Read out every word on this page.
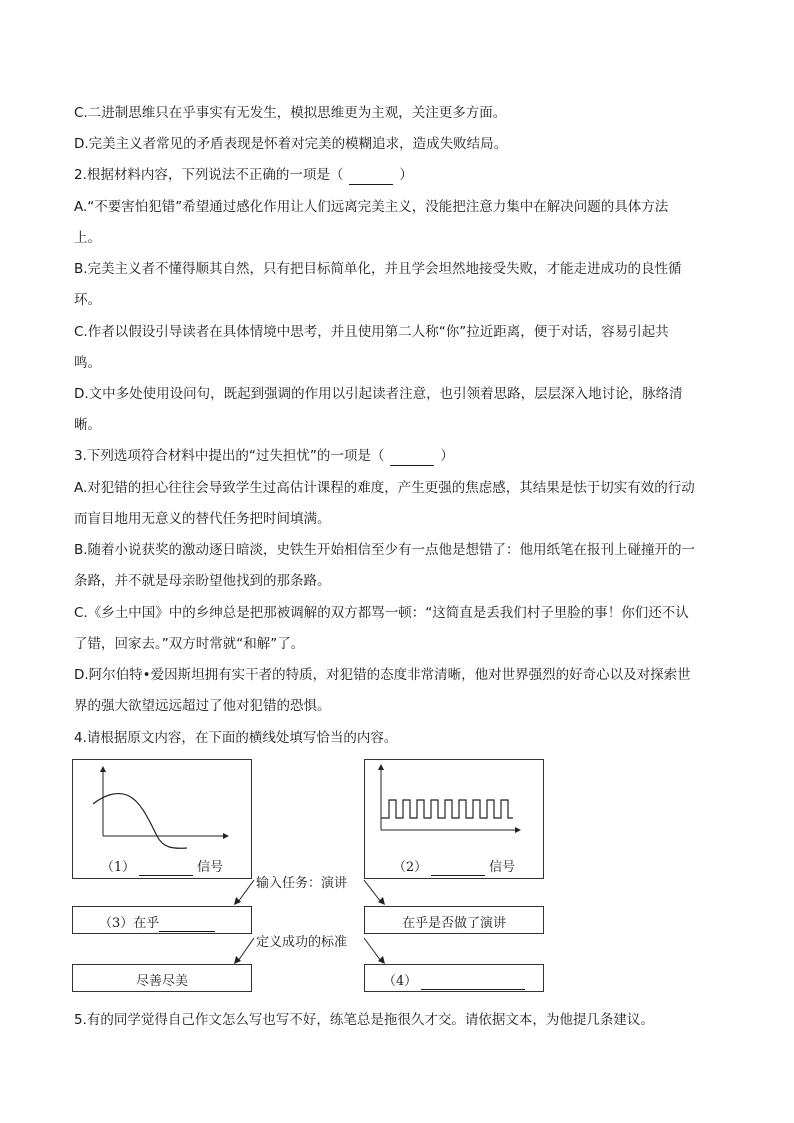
C.二进制思维只在乎事实有无发生，模拟思维更为主观，关注更多方面。
D.完美主义者常见的矛盾表现是怀着对完美的模糊追求，造成失败结局。
2.根据材料内容，下列说法不正确的一项是（	）
A.“不要害怕犯错”希望通过感化作用让人们远离完美主义，没能把注意力集中在解决问题的具体方法
上。
B.完美主义者不懂得顺其自然，只有把目标简单化，并且学会坦然地接受失败，才能走进成功的良性循
环。
C.作者以假设引导读者在具体情境中思考，并且使用第二人称“你”拉近距离，便于对话，容易引起共
鸣。
D.文中多处使用设问句，既起到强调的作用以引起读者注意，也引领着思路，层层深入地讨论，脉络清
晰。
3.下列选项符合材料中提出的“过失担忧”的一项是（	）
A.对犯错的担心往往会导致学生过高估计课程的难度，产生更强的焦虑感，其结果是怯于切实有效的行动
而盲目地用无意义的替代任务把时间填满。
B.随着小说获奖的激动逐日暗淡，史铁生开始相信至少有一点他是想错了：他用纸笔在报刊上碰撞开的一
条路，并不就是母亲盼望他找到的那条路。
C.《乡土中国》中的乡绅总是把那被调解的双方都骂一顿：“这简直是丢我们村子里脸的事！你们还不认
了错，回家去。”双方时常就“和解”了。
D.阿尔伯特•爱因斯坦拥有实干者的特质，对犯错的态度非常清晰，他对世界强烈的好奇心以及对探索世
界的强大欲望远远超过了他对犯错的恐惧。
4.请根据原文内容，在下面的横线处填写恰当的内容。
（1）	信号	（2）	信号
输入任务：演讲
（3）在乎	在乎是否做了演讲
定义成功的标准
尽善尽美	（4）
5.有的同学觉得自己作文怎么写也写不好，练笔总是拖很久才交。请依据文本，为他提几条建议。
